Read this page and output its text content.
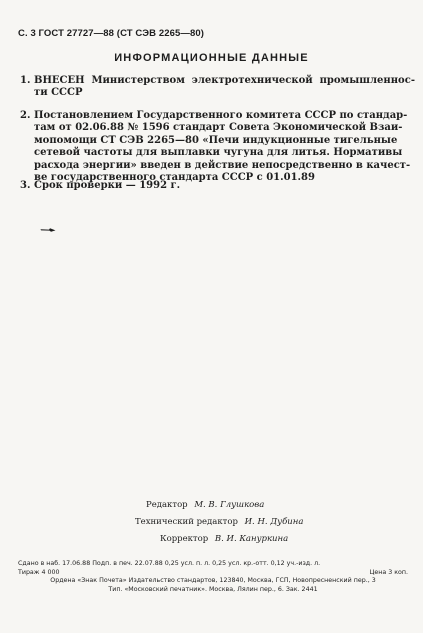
С. 3 ГОСТ 27727—88 (СТ СЭВ 2265—80)
ИНФОРМАЦИОННЫЕ ДАННЫЕ
1. ВНЕСЕН Министерством электротехнической промышленнос-
ти СССР
2. Постановлением Государственного комитета СССР по стандар-
там от 02.06.88 № 1596 стандарт Совета Экономической Взаи-
мопомощи СТ СЭВ 2265—80 «Печи индукционные тигельные
сетевой частоты для выплавки чугуна для литья. Нормативы
расхода энергии» введен в действие непосредственно в качест-
ве государственного стандарта СССР с 01.01.89
3. Срок проверки — 1992 г.
Редактор М. В. Глушкова
Технический редактор И. Н. Дубина
Корректор В. И. Кануркина
Сдано в наб. 17.06.88 Подп. в печ. 22.07.88 0,25 усл. п. л. 0,25 усл. кр.-отт. 0,12 уч.-изд. л.
Тираж 4 000	Цена 3 коп.
Ордена «Знак Почета» Издательство стандартов, 123840, Москва, ГСП, Новопресненский пер., 3
Тип. «Московский печатник». Москва, Лялин пер., 6. Зак. 2441
